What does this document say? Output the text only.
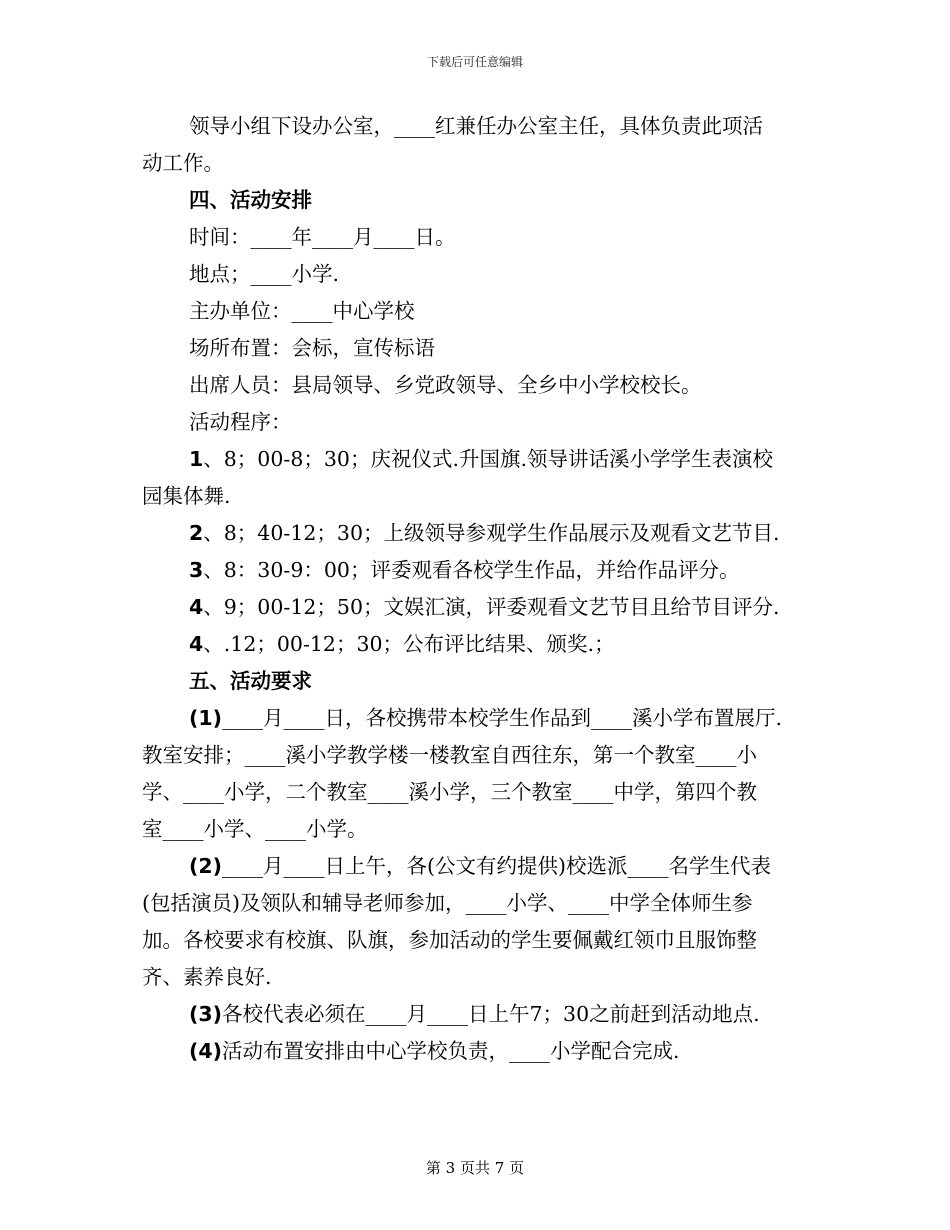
下载后可任意编辑

领导小组下设办公室，____红兼任办公室主任，具体负责此项活

动工作。

四、活动安排

时间：____年____月____日。

地点；____小学.

主办单位：____中心学校

场所布置：会标，宣传标语

出席人员：县局领导、乡党政领导、全乡中小学校校长。

活动程序：

1、8；00-8；30；庆祝仪式.升国旗.领导讲话溪小学学生表演校

园集体舞.

2、8；40-12；30；上级领导参观学生作品展示及观看文艺节目.

3、8：30-9：00；评委观看各校学生作品，并给作品评分。

4、9；00-12；50；文娱汇演，评委观看文艺节目且给节目评分.

4、.12；00-12；30；公布评比结果、颁奖.；

五、活动要求

(1)____月____日，各校携带本校学生作品到____溪小学布置展厅.

教室安排；____溪小学教学楼一楼教室自西往东，第一个教室____小

学、____小学，二个教室____溪小学，三个教室____中学，第四个教

室____小学、____小学。

(2)____月____日上午，各(公文有约提供)校选派____名学生代表

(包括演员)及领队和辅导老师参加，____小学、____中学全体师生参

加。各校要求有校旗、队旗，参加活动的学生要佩戴红领巾且服饰整

齐、素养良好.

(3)各校代表必须在____月____日上午7；30之前赶到活动地点.

(4)活动布置安排由中心学校负责，____小学配合完成.

第 3 页共 7 页
